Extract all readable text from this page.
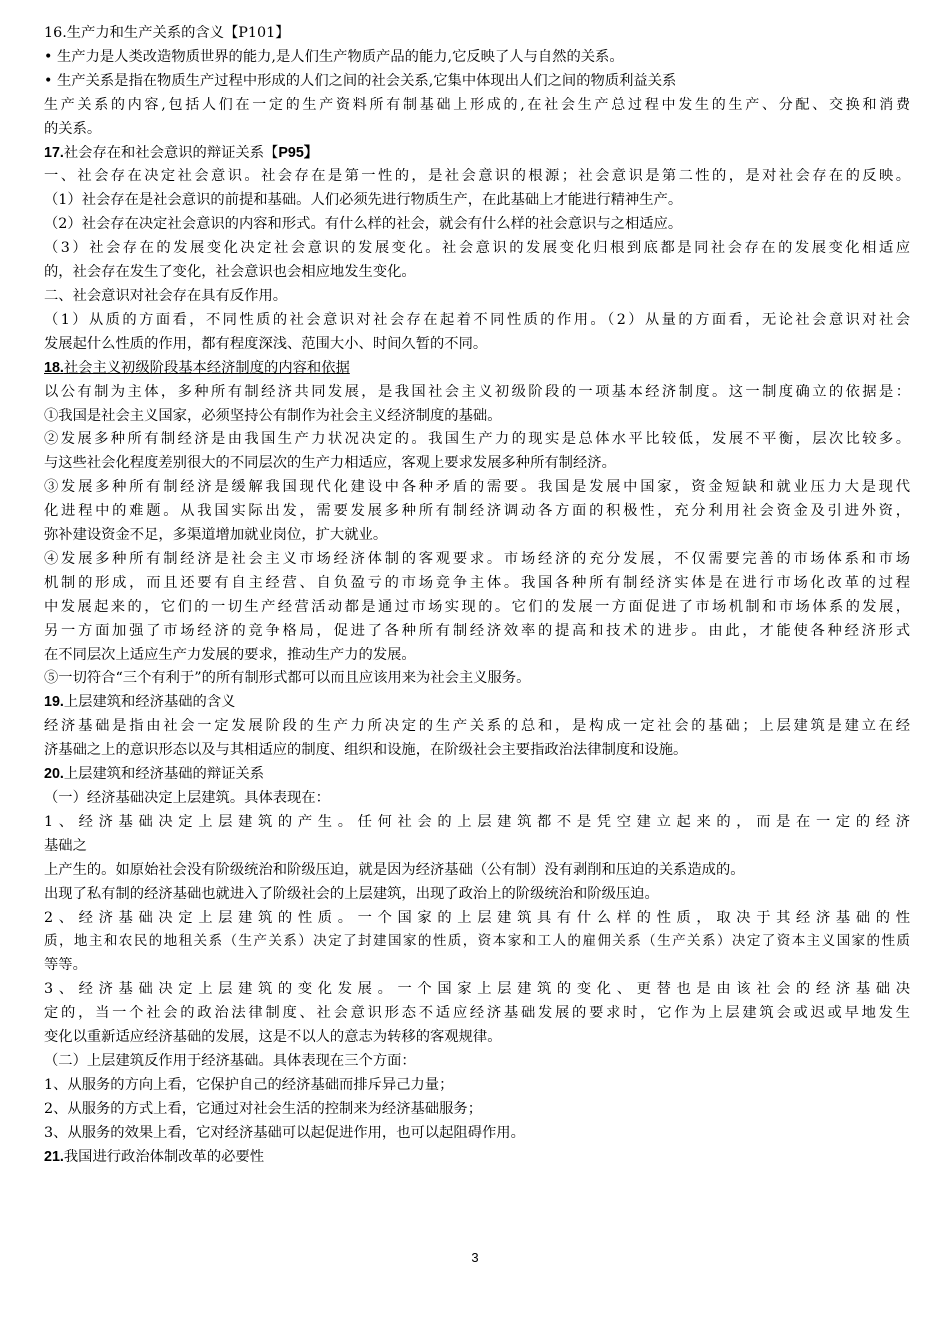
16.生产力和生产关系的含义【P101】
• 生产力是人类改造物质世界的能力,是人们生产物质产品的能力,它反映了人与自然的关系。
• 生产关系是指在物质生产过程中形成的人们之间的社会关系,它集中体现出人们之间的物质利益关系
生产关系的内容,包括人们在一定的生产资料所有制基础上形成的,在社会生产总过程中发生的生产、分配、交换和消费
的关系。
17.社会存在和社会意识的辩证关系【P95】
一、社会存在决定社会意识。社会存在是第一性的，是社会意识的根源；社会意识是第二性的，是对社会存在的反映。
（1）社会存在是社会意识的前提和基础。人们必须先进行物质生产，在此基础上才能进行精神生产。
（2）社会存在决定社会意识的内容和形式。有什么样的社会，就会有什么样的社会意识与之相适应。
（3）社会存在的发展变化决定社会意识的发展变化。社会意识的发展变化归根到底都是同社会存在的发展变化相适应
的，社会存在发生了变化，社会意识也会相应地发生变化。
二、社会意识对社会存在具有反作用。
（1）从质的方面看，不同性质的社会意识对社会存在起着不同性质的作用。（2）从量的方面看，无论社会意识对社会
发展起什么性质的作用，都有程度深浅、范围大小、时间久暂的不同。
18.社会主义初级阶段基本经济制度的内容和依据
以公有制为主体，多种所有制经济共同发展，是我国社会主义初级阶段的一项基本经济制度。这一制度确立的依据是：
①我国是社会主义国家，必须坚持公有制作为社会主义经济制度的基础。
②发展多种所有制经济是由我国生产力状况决定的。我国生产力的现实是总体水平比较低，发展不平衡，层次比较多。
与这些社会化程度差别很大的不同层次的生产力相适应，客观上要求发展多种所有制经济。
③发展多种所有制经济是缓解我国现代化建设中各种矛盾的需要。我国是发展中国家，资金短缺和就业压力大是现代
化进程中的难题。从我国实际出发，需要发展多种所有制经济调动各方面的积极性，充分利用社会资金及引进外资，
弥补建设资金不足，多渠道增加就业岗位，扩大就业。
④发展多种所有制经济是社会主义市场经济体制的客观要求。市场经济的充分发展，不仅需要完善的市场体系和市场
机制的形成，而且还要有自主经营、自负盈亏的市场竞争主体。我国各种所有制经济实体是在进行市场化改革的过程
中发展起来的，它们的一切生产经营活动都是通过市场实现的。它们的发展一方面促进了市场机制和市场体系的发展，
另一方面加强了市场经济的竞争格局，促进了各种所有制经济效率的提高和技术的进步。由此，才能使各种经济形式
在不同层次上适应生产力发展的要求，推动生产力的发展。
⑤一切符合“三个有利于”的所有制形式都可以而且应该用来为社会主义服务。
19.上层建筑和经济基础的含义
经济基础是指由社会一定发展阶段的生产力所决定的生产关系的总和，是构成一定社会的基础；上层建筑是建立在经
济基础之上的意识形态以及与其相适应的制度、组织和设施，在阶级社会主要指政治法律制度和设施。
20.上层建筑和经济基础的辩证关系
（一）经济基础决定上层建筑。具体表现在：
1、经济基础决定上层建筑的产生。任何社会的上层建筑都不是凭空建立起来的，而是在一定的经济
基础之
上产生的。如原始社会没有阶级统治和阶级压迫，就是因为经济基础（公有制）没有剥削和压迫的关系造成的。
出现了私有制的经济基础也就进入了阶级社会的上层建筑，出现了政治上的阶级统治和阶级压迫。
2、经济基础决定上层建筑的性质。一个国家的上层建筑具有什么样的性质，取决于其经济基础的性
质，地主和农民的地租关系（生产关系）决定了封建国家的性质，资本家和工人的雇佣关系（生产关系）决定了资本主义国家的性质
等等。
3、经济基础决定上层建筑的变化发展。一个国家上层建筑的变化、更替也是由该社会的经济基础决
定的，当一个社会的政治法律制度、社会意识形态不适应经济基础发展的要求时，它作为上层建筑会或迟或早地发生
变化以重新适应经济基础的发展，这是不以人的意志为转移的客观规律。
（二）上层建筑反作用于经济基础。具体表现在三个方面：
1、从服务的方向上看，它保护自己的经济基础而排斥异己力量；
2、从服务的方式上看，它通过对社会生活的控制来为经济基础服务；
3、从服务的效果上看，它对经济基础可以起促进作用，也可以起阻碍作用。
21.我国进行政治体制改革的必要性
3
